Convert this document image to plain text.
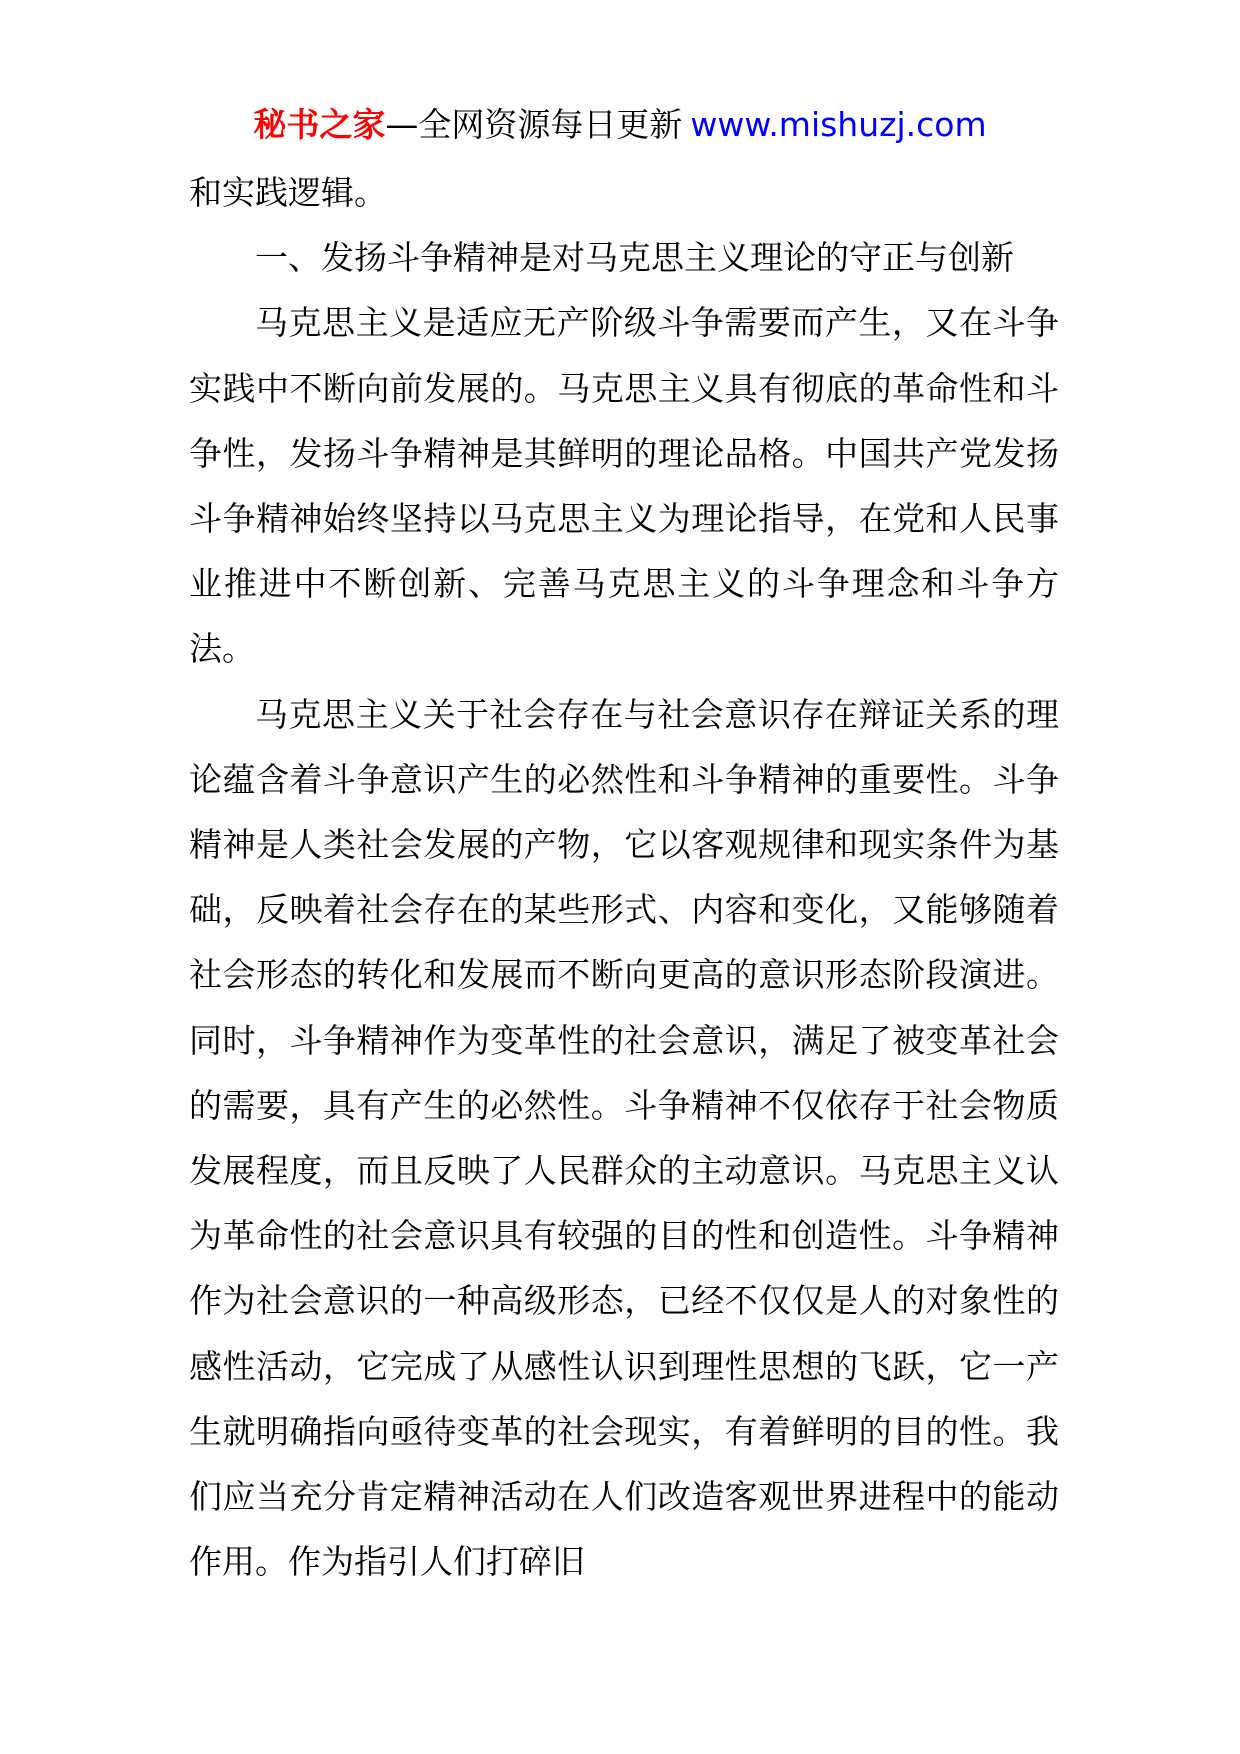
秘书之家—全网资源每日更新 www.mishuzj.com

和实践逻辑。

一、发扬斗争精神是对马克思主义理论的守正与创新

马克思主义是适应无产阶级斗争需要而产生，又在斗争实践中不断向前发展的。马克思主义具有彻底的革命性和斗争性，发扬斗争精神是其鲜明的理论品格。中国共产党发扬斗争精神始终坚持以马克思主义为理论指导，在党和人民事业推进中不断创新、完善马克思主义的斗争理念和斗争方法。

马克思主义关于社会存在与社会意识存在辩证关系的理论蕴含着斗争意识产生的必然性和斗争精神的重要性。斗争精神是人类社会发展的产物，它以客观规律和现实条件为基础，反映着社会存在的某些形式、内容和变化，又能够随着社会形态的转化和发展而不断向更高的意识形态阶段演进。同时，斗争精神作为变革性的社会意识，满足了被变革社会的需要，具有产生的必然性。斗争精神不仅依存于社会物质发展程度，而且反映了人民群众的主动意识。马克思主义认为革命性的社会意识具有较强的目的性和创造性。斗争精神作为社会意识的一种高级形态，已经不仅仅是人的对象性的感性活动，它完成了从感性认识到理性思想的飞跃，它一产生就明确指向亟待变革的社会现实，有着鲜明的目的性。我们应当充分肯定精神活动在人们改造客观世界进程中的能动作用。作为指引人们打碎旧
